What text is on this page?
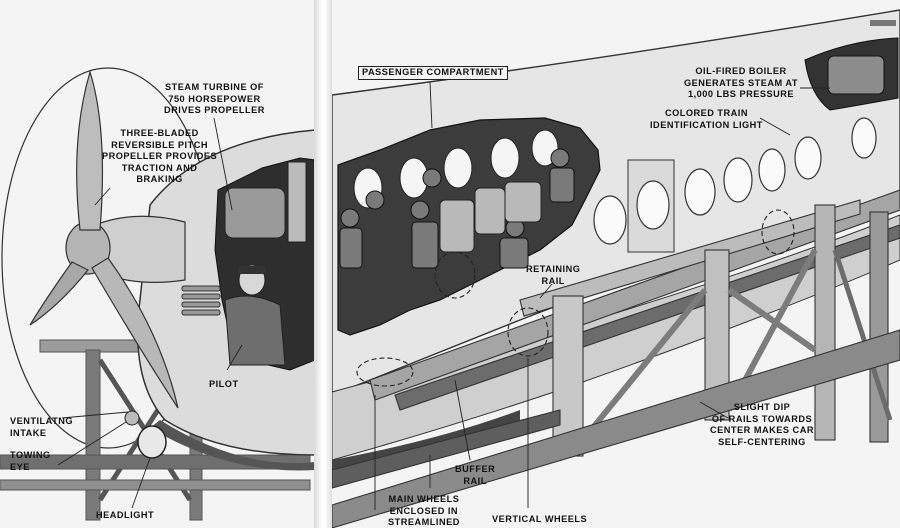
STEAM TURBINE OF
750 HORSEPOWER
DRIVES PROPELLER
THREE-BLADED
REVERSIBLE PITCH
PROPELLER PROVIDES
TRACTION AND
BRAKING
PASSENGER COMPARTMENT	OIL-FIRED BOILER
GENERATES STEAM AT
1,000 LBS PRESSURE
COLORED TRAIN
IDENTIFICATION LIGHT
RETAINING
RAIL
PILOT
VENTILATNG
INTAKE
TOWING
EYE
HEADLIGHT
BUFFER
RAIL
MAIN WHEELS
ENCLOSED IN
STREAMLINED	VERTICAL WHEELS
SLIGHT DIP
OF RAILS TOWARDS
CENTER MAKES CAR
SELF-CENTERING
